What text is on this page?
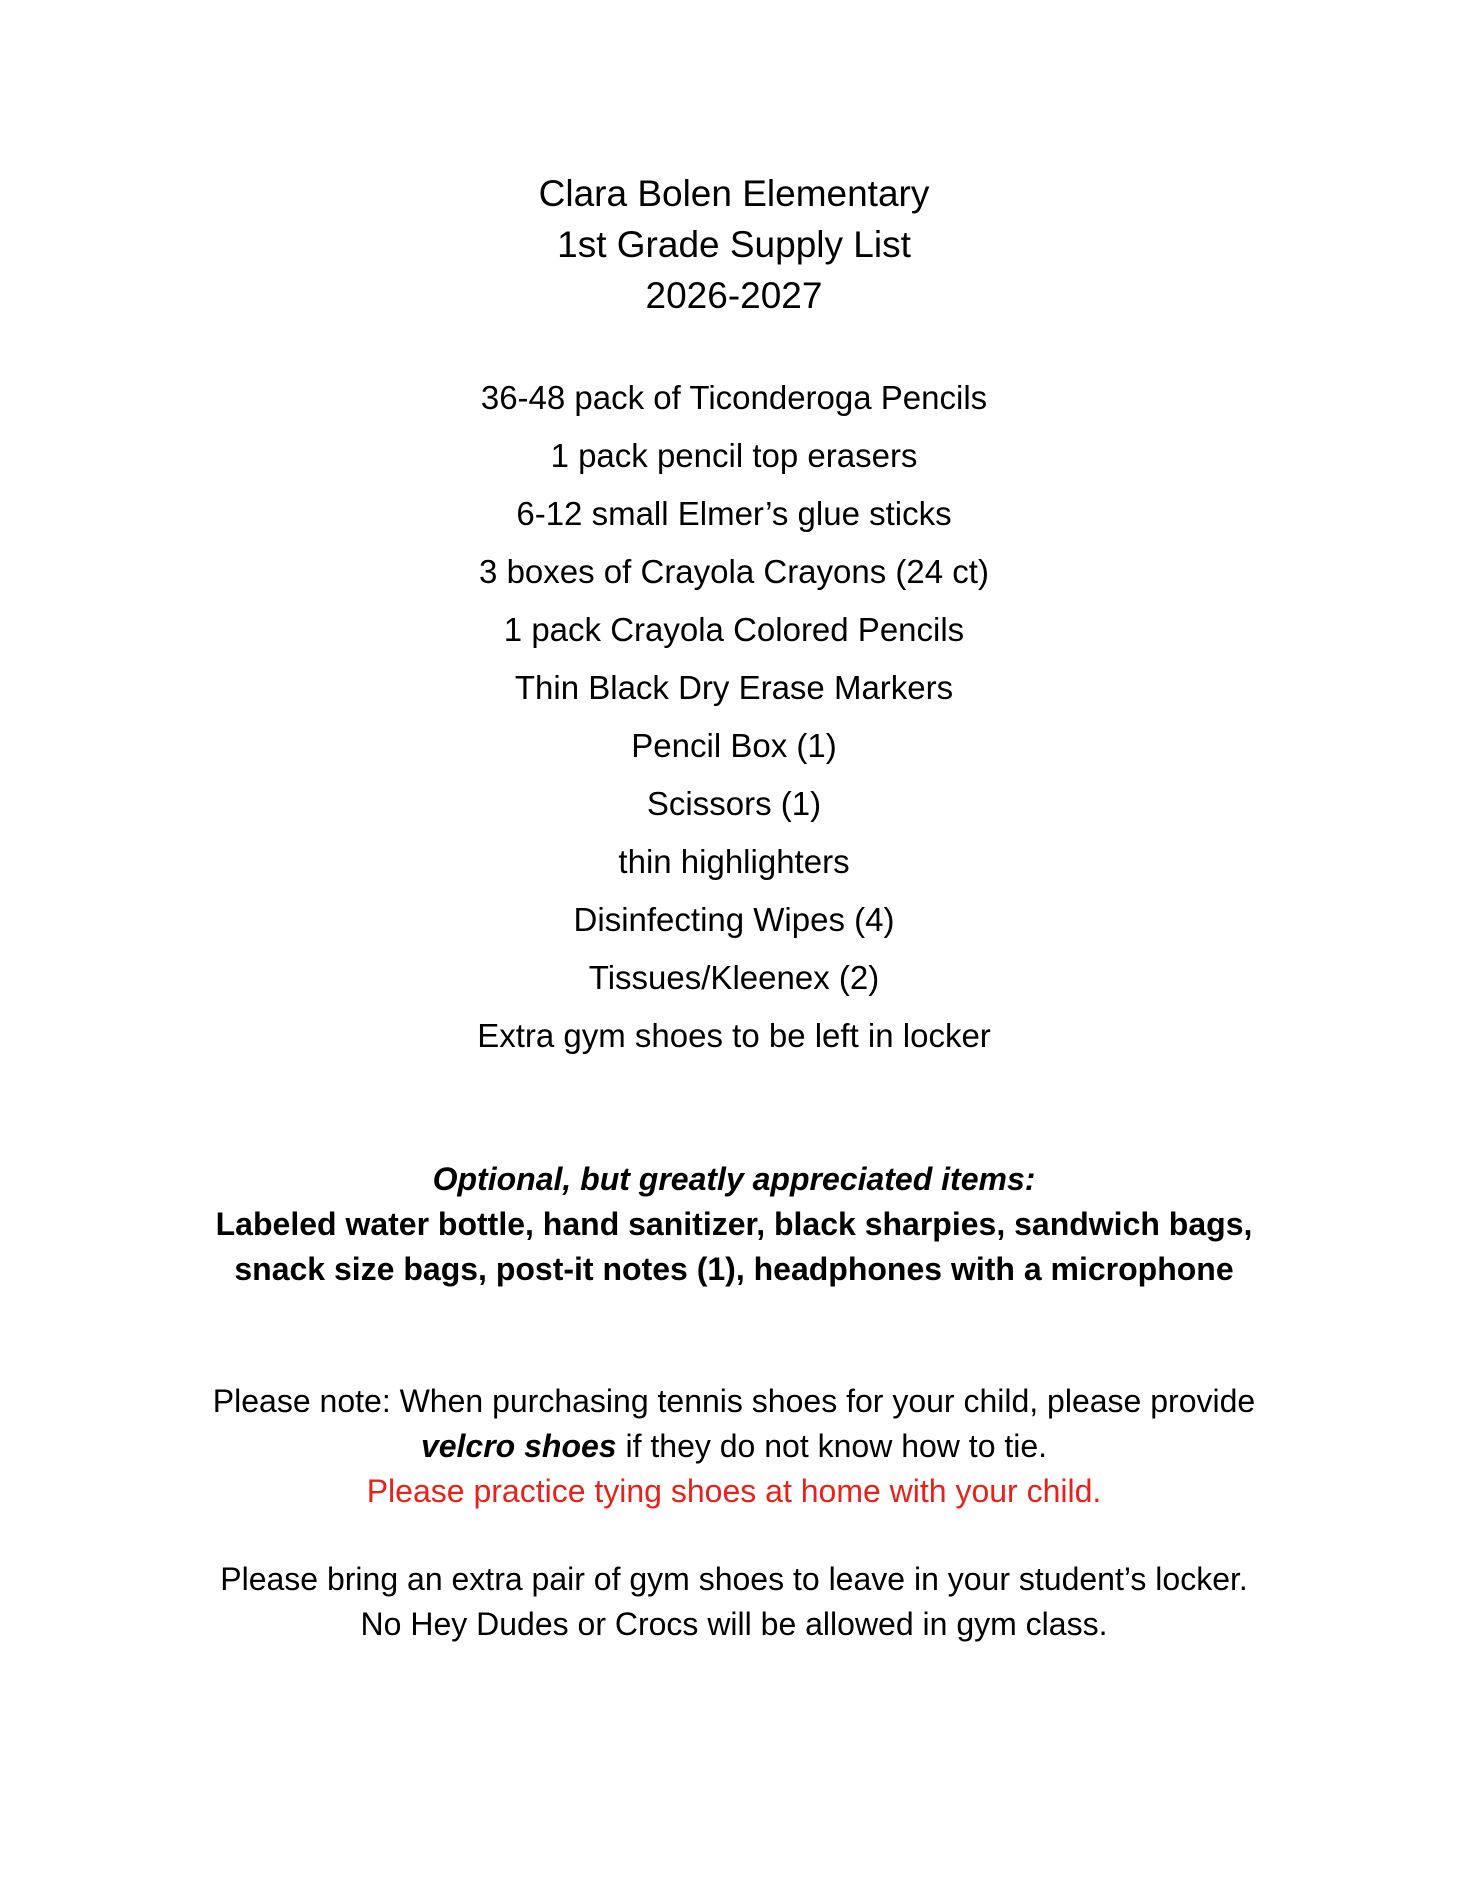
Clara Bolen Elementary
1st Grade Supply List
2026-2027
36-48 pack of Ticonderoga Pencils
1 pack pencil top erasers
6-12 small Elmer’s glue sticks
3 boxes of Crayola Crayons (24 ct)
1 pack Crayola Colored Pencils
Thin Black Dry Erase Markers
Pencil Box (1)
Scissors (1)
thin highlighters
Disinfecting Wipes (4)
Tissues/Kleenex (2)
Extra gym shoes to be left in locker
Optional, but greatly appreciated items:
Labeled water bottle, hand sanitizer, black sharpies, sandwich bags,
snack size bags, post-it notes (1), headphones with a microphone
Please note: When purchasing tennis shoes for your child, please provide
velcro shoes if they do not know how to tie.
Please practice tying shoes at home with your child.
Please bring an extra pair of gym shoes to leave in your student’s locker.
No Hey Dudes or Crocs will be allowed in gym class.
